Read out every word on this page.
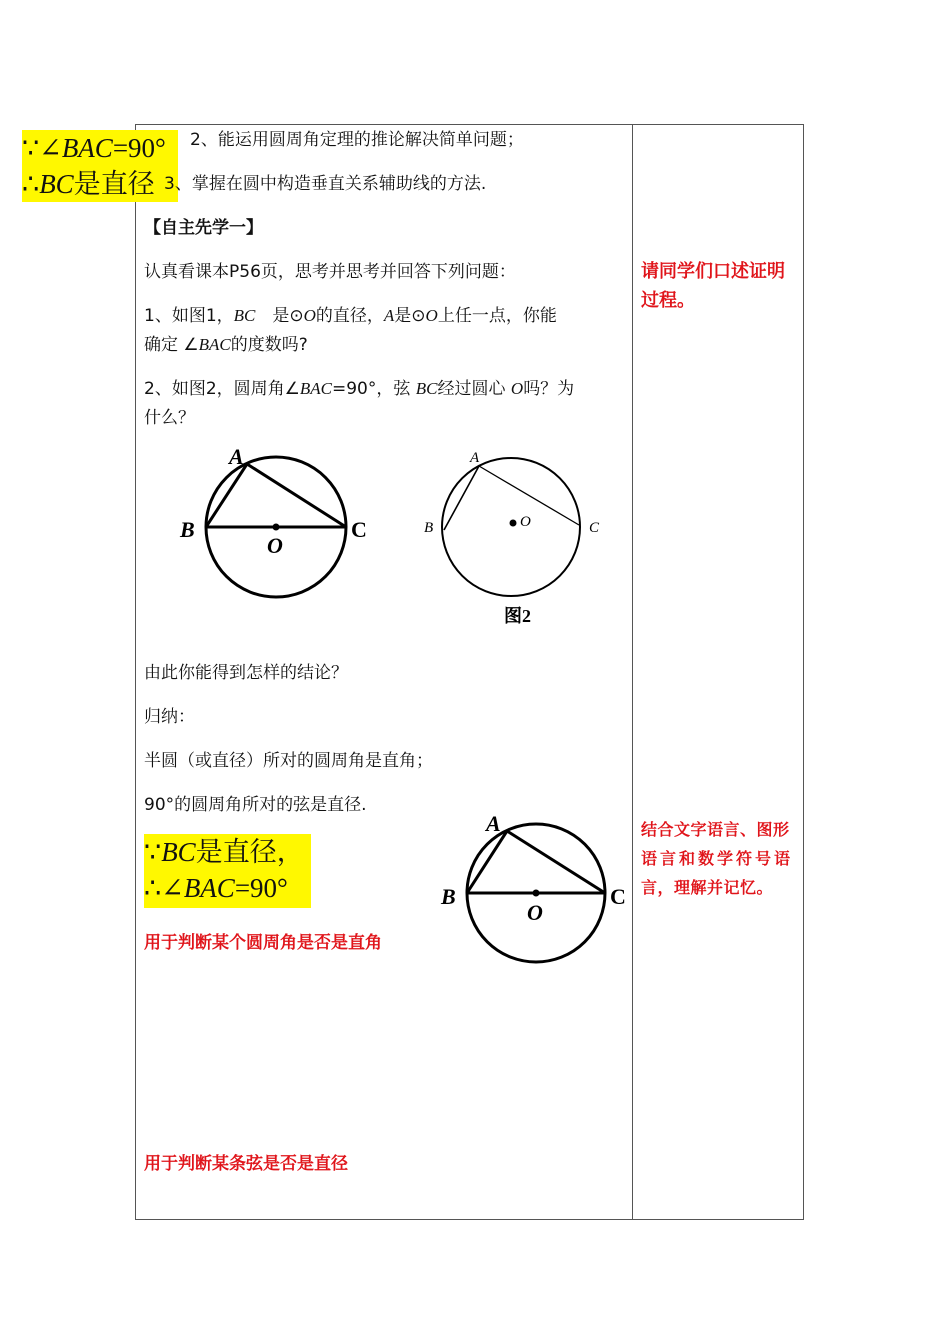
∵∠BAC=90°
∴BC是直径
2、能运用圆周角定理的推论解决简单问题；
3、掌握在圆中构造垂直关系辅助线的方法.
【自主先学一】
认真看课本P56页，思考并思考并回答下列问题：
1、如图1，BC　是⊙O的直径，A是⊙O上任一点，你能
确定 ∠BAC的度数吗?
2、如图2，圆周角∠BAC=90°，弦 BC经过圆心 O吗？为
什么？
A
B	C
O
A
B	C
O
图2
由此你能得到怎样的结论？
归纳：
半圆（或直径）所对的圆周角是直角；
90°的圆周角所对的弦是直径.
∵BC是直径，
∴∠BAC=90°
A
B	C
O
用于判断某个圆周角是否是直角
用于判断某条弦是否是直径
请同学们口述证明
过程。
结合文字语言、图形
语言和数学符号语
言，理解并记忆。
